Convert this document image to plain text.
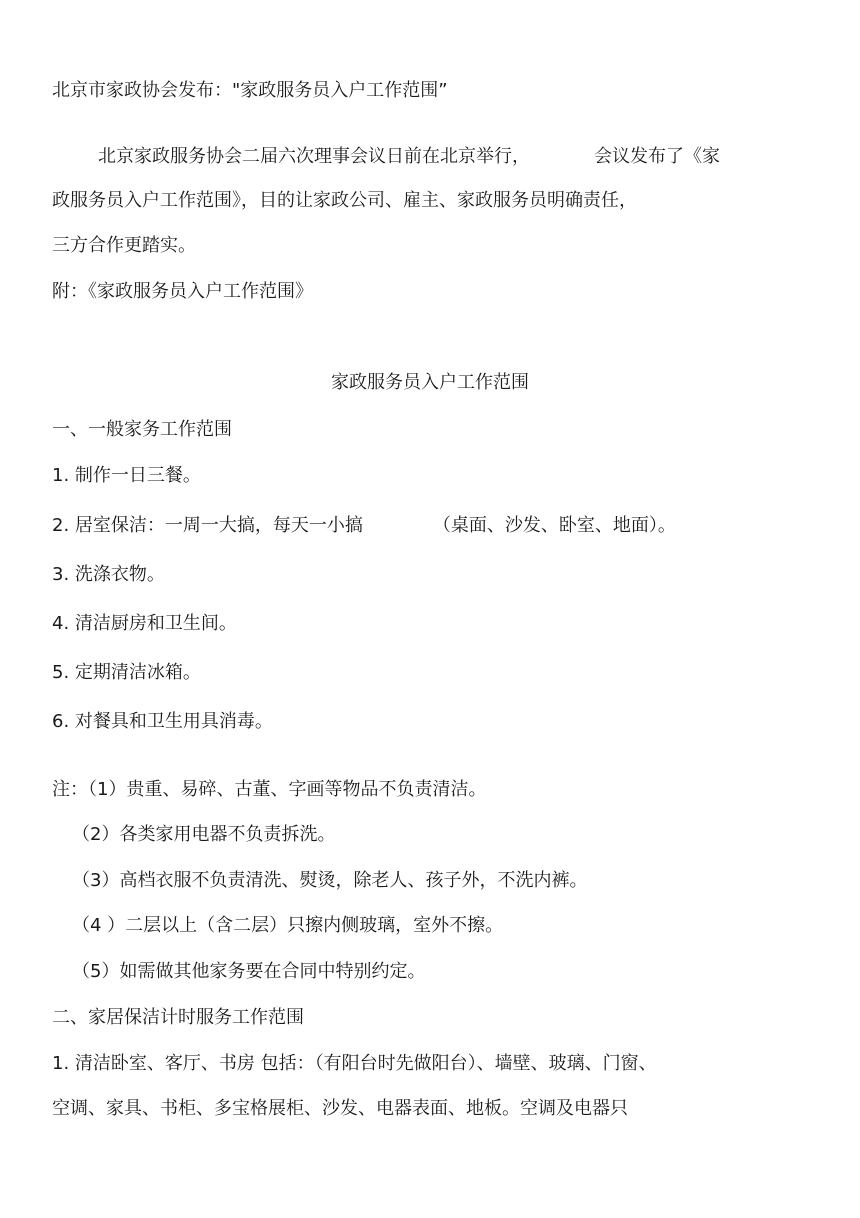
北京市家政协会发布："家政服务员入户工作范围”
北京家政服务协会二届六次理事会议日前在北京举行，	会议发布了《家
政服务员入户工作范围》，目的让家政公司、雇主、家政服务员明确责任，
三方合作更踏实。
附：《家政服务员入户工作范围》
家政服务员入户工作范围
一、一般家务工作范围
1. 制作一日三餐。
2. 居室保洁：一周一大搞，每天一小搞	（桌面、沙发、卧室、地面）。
3. 洗涤衣物。
4. 清洁厨房和卫生间。
5. 定期清洁冰箱。
6. 对餐具和卫生用具消毒。
注：（1）贵重、易碎、古董、字画等物品不负责清洁。
（2）各类家用电器不负责拆洗。
（3）高档衣服不负责清洗、熨烫，除老人、孩子外，不洗内裤。
（4 ）二层以上（含二层）只擦内侧玻璃，室外不擦。
（5）如需做其他家务要在合同中特别约定。
二、家居保洁计时服务工作范围
1. 清洁卧室、客厅、书房 包括：（有阳台时先做阳台）、墙壁、玻璃、门窗、
空调、家具、书柜、多宝格展柜、沙发、电器表面、地板。空调及电器只
